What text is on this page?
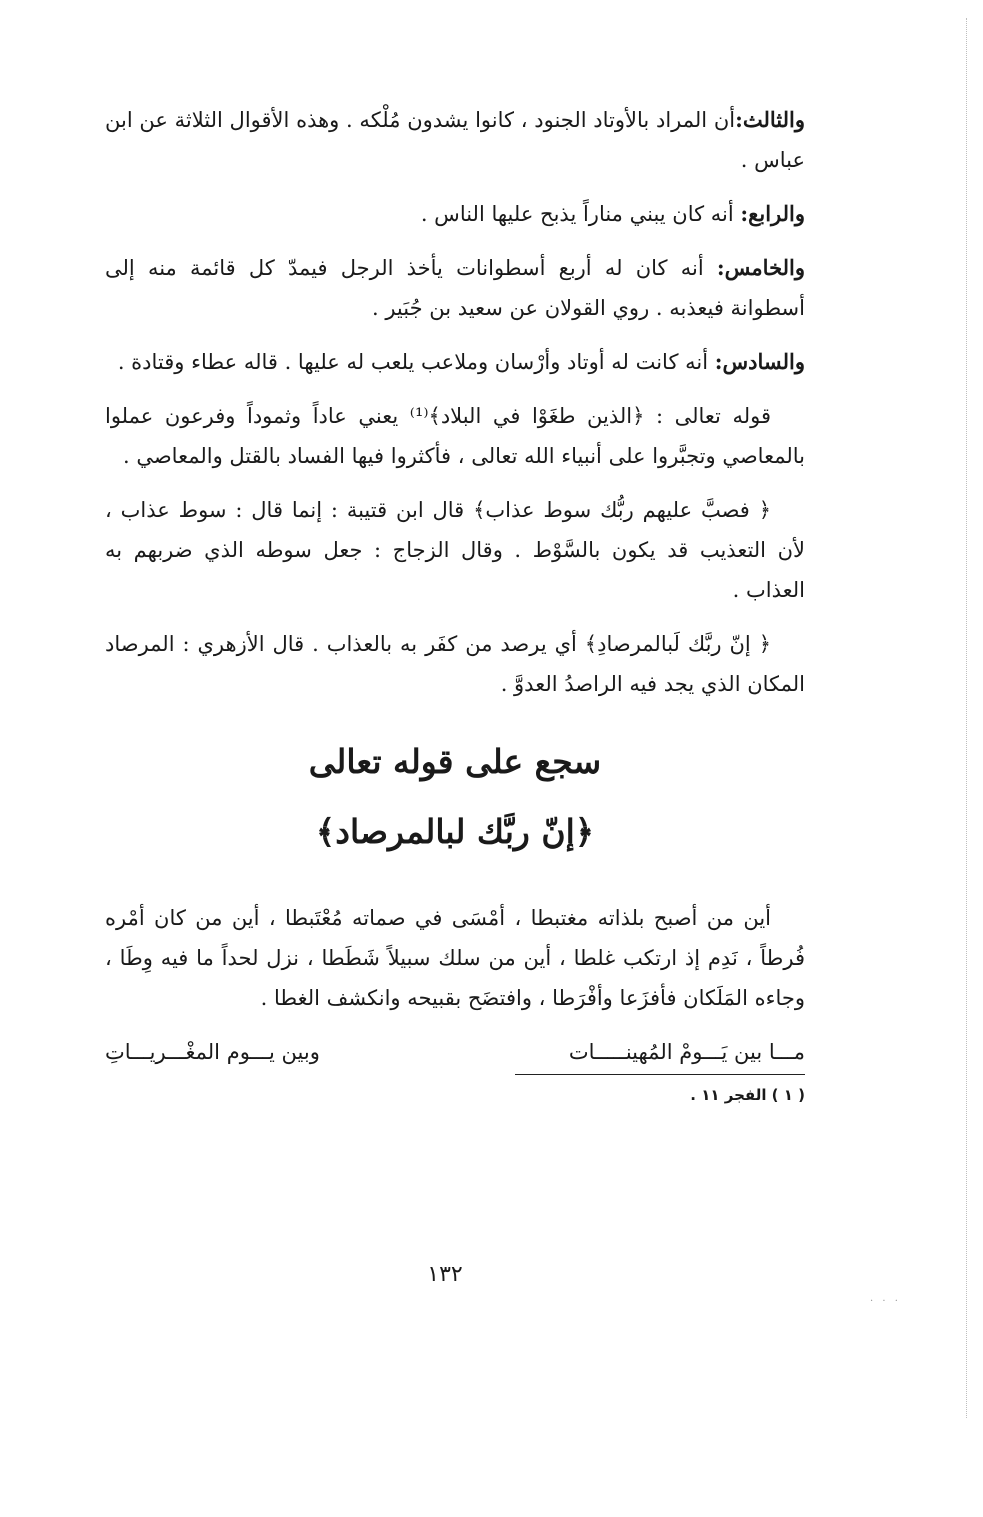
· · ·

والثالث:أن المراد بالأوتاد الجنود ، كانوا يشدون مُلْكه . وهذه الأقوال الثلاثة عن ابن عباس .

والرابع: أنه كان يبني مناراً يذبح عليها الناس .

والخامس: أنه كان له أربع أسطوانات يأخذ الرجل فيمدّ كل قائمة منه إلى أسطوانة فيعذبه . روي القولان عن سعيد بن جُبَير .

والسادس: أنه كانت له أوتاد وأرْسان وملاعب يلعب له عليها . قاله عطاء وقتادة .

قوله تعالى : ﴿الذين طغَوْا في البلاد﴾⁽¹⁾ يعني عاداً وثموداً وفرعون عملوا بالمعاصي وتجبَّروا على أنبياء الله تعالى ، فأكثروا فيها الفساد بالقتل والمعاصي .

﴿ فصبَّ عليهم ربُّك سوط عذاب﴾ قال ابن قتيبة : إنما قال : سوط عذاب ، لأن التعذيب قد يكون بالسَّوْط . وقال الزجاج : جعل سوطه الذي ضربهم به العذاب .

﴿ إنّ ربَّك لَبالمرصادِ﴾ أي يرصد من كفَر به بالعذاب . قال الأزهري : المرصاد المكان الذي يجد فيه الراصدُ العدوَّ .

سجع على قوله تعالى
﴿إنّ ربَّك لبالمرصاد﴾

أين من أصبح بلذاته مغتبطا ، أمْسَى في صماته مُعْتَبطا ، أين من كان أمْره فُرطاً ، نَدِم إذ ارتكب غلطا ، أين من سلك سبيلاً شَطَطا ، نزل لحداً ما فيه وِطَا ، وجاءه المَلَكان فأفزَعا وأفْرَطا ، وافتضَح بقبيحه وانكشف الغطا .

مـــا بين يَـــومْ المُهينـــــات
وبين يـــوم المغْـــريـــاتِ
( ١ ) الفجر ١١ .
١٣٢
